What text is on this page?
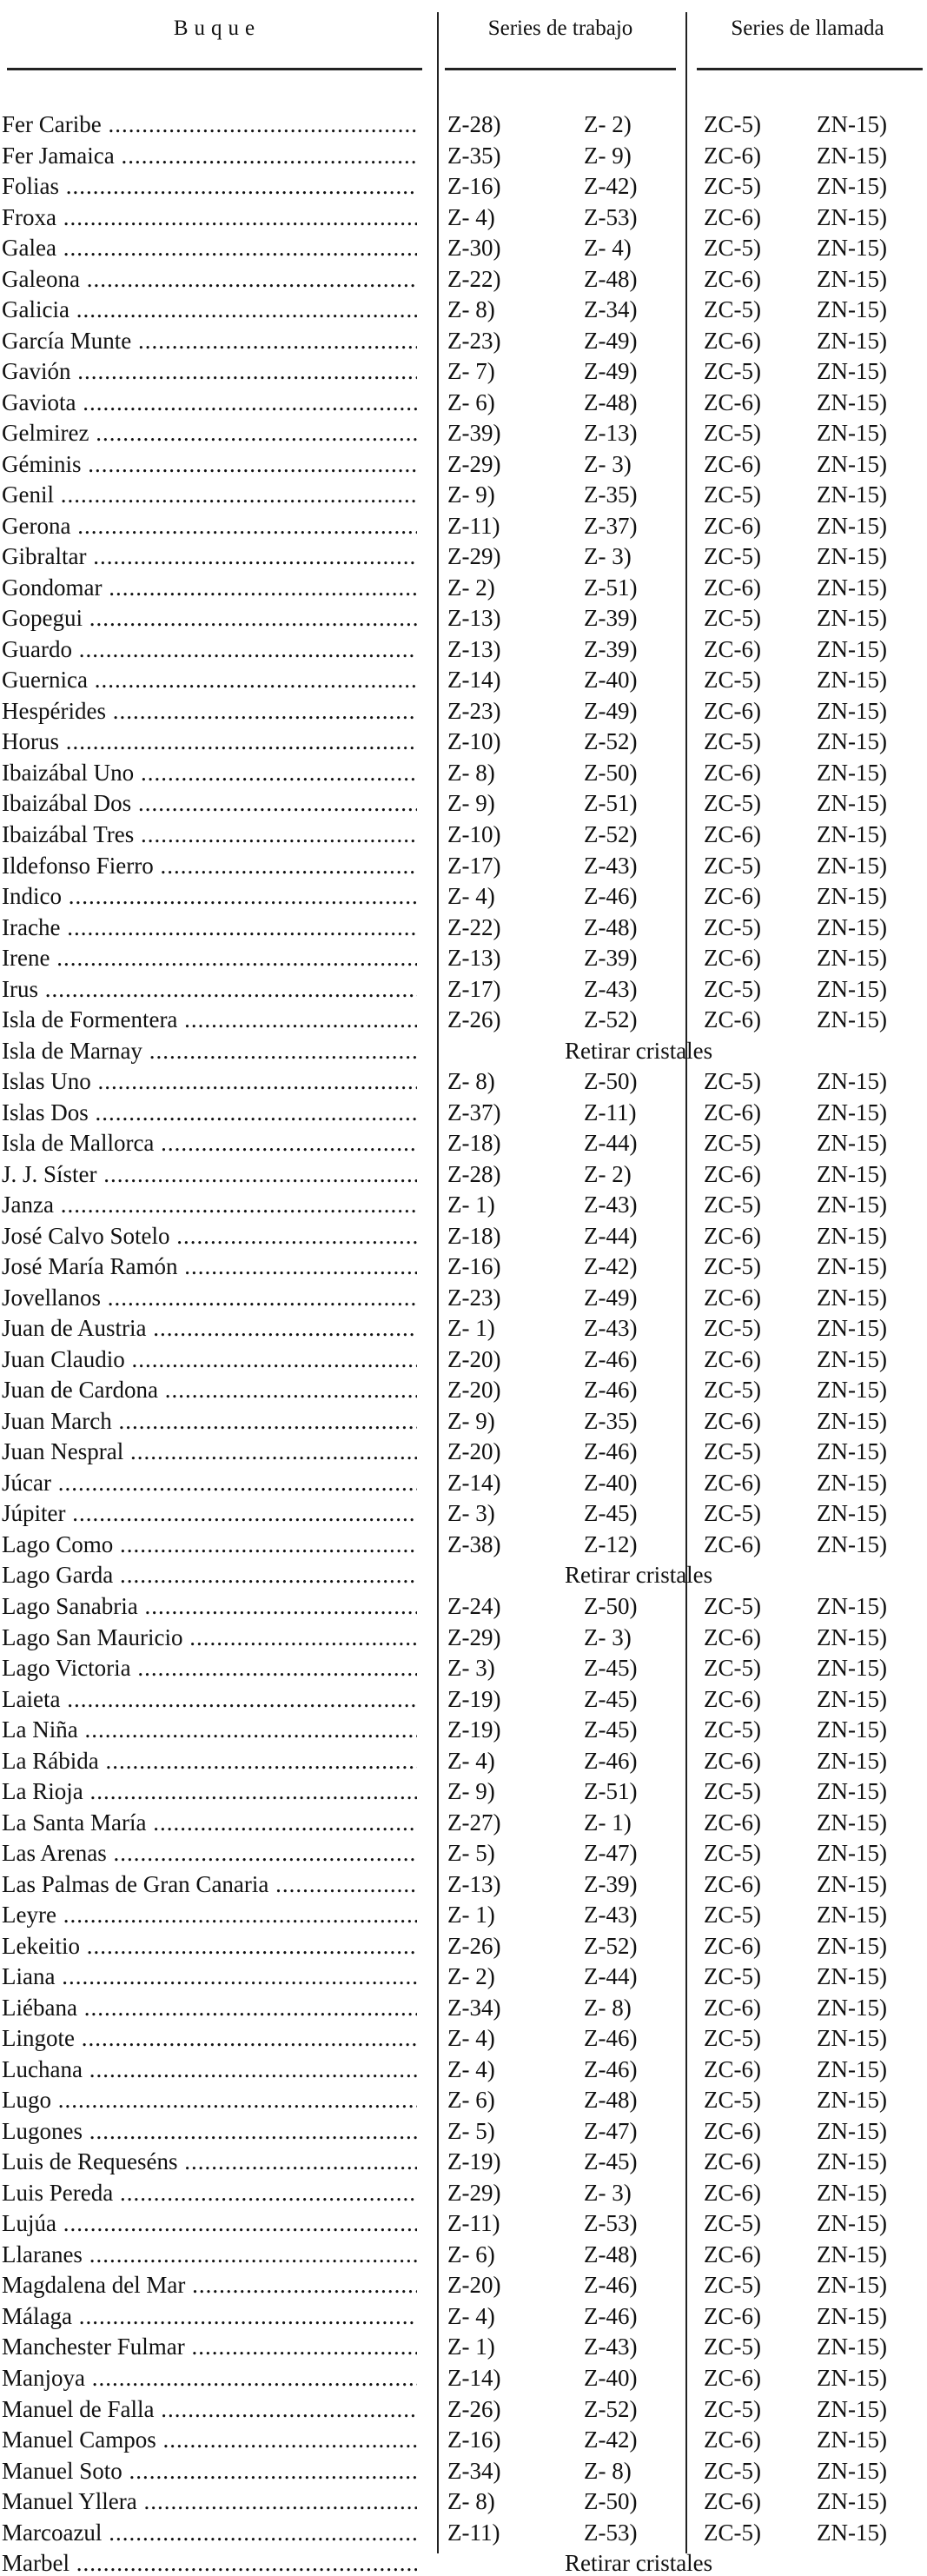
Buque	Series de trabajo	Series de llamada
Fer Caribe .....	Z-28)	Z- 2)	ZC-5)	ZN-15)
Fer Jamaica .....	Z-35)	Z- 9)	ZC-6)	ZN-15)
Folias .....	Z-16)	Z-42)	ZC-5)	ZN-15)
Froxa .....	Z- 4)	Z-53)	ZC-6)	ZN-15)
Galea .....	Z-30)	Z- 4)	ZC-5)	ZN-15)
Galeona .....	Z-22)	Z-48)	ZC-6)	ZN-15)
Galicia .....	Z- 8)	Z-34)	ZC-5)	ZN-15)
García Munte .....	Z-23)	Z-49)	ZC-6)	ZN-15)
Gavión .....	Z- 7)	Z-49)	ZC-5)	ZN-15)
Gaviota .....	Z- 6)	Z-48)	ZC-6)	ZN-15)
Gelmirez .....	Z-39)	Z-13)	ZC-5)	ZN-15)
Géminis .....	Z-29)	Z- 3)	ZC-6)	ZN-15)
Genil .....	Z- 9)	Z-35)	ZC-5)	ZN-15)
Gerona .....	Z-11)	Z-37)	ZC-6)	ZN-15)
Gibraltar .....	Z-29)	Z- 3)	ZC-5)	ZN-15)
Gondomar .....	Z- 2)	Z-51)	ZC-6)	ZN-15)
Gopegui .....	Z-13)	Z-39)	ZC-5)	ZN-15)
Guardo .....	Z-13)	Z-39)	ZC-6)	ZN-15)
Guernica .....	Z-14)	Z-40)	ZC-5)	ZN-15)
Hespérides .....	Z-23)	Z-49)	ZC-6)	ZN-15)
Horus .....	Z-10)	Z-52)	ZC-5)	ZN-15)
Ibaizábal Uno .....	Z- 8)	Z-50)	ZC-6)	ZN-15)
Ibaizábal Dos .....	Z- 9)	Z-51)	ZC-5)	ZN-15)
Ibaizábal Tres .....	Z-10)	Z-52)	ZC-6)	ZN-15)
Ildefonso Fierro .....	Z-17)	Z-43)	ZC-5)	ZN-15)
Indico .....	Z- 4)	Z-46)	ZC-6)	ZN-15)
Irache .....	Z-22)	Z-48)	ZC-5)	ZN-15)
Irene .....	Z-13)	Z-39)	ZC-6)	ZN-15)
Irus .....	Z-17)	Z-43)	ZC-5)	ZN-15)
Isla de Formentera .....	Z-26)	Z-52)	ZC-6)	ZN-15)
Isla de Marnay .....	Retirar cristales
Islas Uno .....	Z- 8)	Z-50)	ZC-5)	ZN-15)
Islas Dos .....	Z-37)	Z-11)	ZC-6)	ZN-15)
Isla de Mallorca .....	Z-18)	Z-44)	ZC-5)	ZN-15)
J. J. Síster .....	Z-28)	Z- 2)	ZC-6)	ZN-15)
Janza .....	Z- 1)	Z-43)	ZC-5)	ZN-15)
José Calvo Sotelo .....	Z-18)	Z-44)	ZC-6)	ZN-15)
José María Ramón .....	Z-16)	Z-42)	ZC-5)	ZN-15)
Jovellanos .....	Z-23)	Z-49)	ZC-6)	ZN-15)
Juan de Austria .....	Z- 1)	Z-43)	ZC-5)	ZN-15)
Juan Claudio .....	Z-20)	Z-46)	ZC-6)	ZN-15)
Juan de Cardona .....	Z-20)	Z-46)	ZC-5)	ZN-15)
Juan March .....	Z- 9)	Z-35)	ZC-6)	ZN-15)
Juan Nespral .....	Z-20)	Z-46)	ZC-5)	ZN-15)
Júcar .....	Z-14)	Z-40)	ZC-6)	ZN-15)
Júpiter .....	Z- 3)	Z-45)	ZC-5)	ZN-15)
Lago Como .....	Z-38)	Z-12)	ZC-6)	ZN-15)
Lago Garda .....	Retirar cristales
Lago Sanabria .....	Z-24)	Z-50)	ZC-5)	ZN-15)
Lago San Mauricio .....	Z-29)	Z- 3)	ZC-6)	ZN-15)
Lago Victoria .....	Z- 3)	Z-45)	ZC-5)	ZN-15)
Laieta .....	Z-19)	Z-45)	ZC-6)	ZN-15)
La Niña .....	Z-19)	Z-45)	ZC-5)	ZN-15)
La Rábida .....	Z- 4)	Z-46)	ZC-6)	ZN-15)
La Rioja .....	Z- 9)	Z-51)	ZC-5)	ZN-15)
La Santa María .....	Z-27)	Z- 1)	ZC-6)	ZN-15)
Las Arenas .....	Z- 5)	Z-47)	ZC-5)	ZN-15)
Las Palmas de Gran Canaria .....	Z-13)	Z-39)	ZC-6)	ZN-15)
Leyre .....	Z- 1)	Z-43)	ZC-5)	ZN-15)
Lekeitio .....	Z-26)	Z-52)	ZC-6)	ZN-15)
Liana .....	Z- 2)	Z-44)	ZC-5)	ZN-15)
Liébana .....	Z-34)	Z- 8)	ZC-6)	ZN-15)
Lingote .....	Z- 4)	Z-46)	ZC-5)	ZN-15)
Luchana .....	Z- 4)	Z-46)	ZC-6)	ZN-15)
Lugo .....	Z- 6)	Z-48)	ZC-5)	ZN-15)
Lugones .....	Z- 5)	Z-47)	ZC-6)	ZN-15)
Luis de Requeséns .....	Z-19)	Z-45)	ZC-6)	ZN-15)
Luis Pereda .....	Z-29)	Z- 3)	ZC-6)	ZN-15)
Lujúa .....	Z-11)	Z-53)	ZC-5)	ZN-15)
Llaranes .....	Z- 6)	Z-48)	ZC-6)	ZN-15)
Magdalena del Mar .....	Z-20)	Z-46)	ZC-5)	ZN-15)
Málaga .....	Z- 4)	Z-46)	ZC-6)	ZN-15)
Manchester Fulmar .....	Z- 1)	Z-43)	ZC-5)	ZN-15)
Manjoya .....	Z-14)	Z-40)	ZC-6)	ZN-15)
Manuel de Falla .....	Z-26)	Z-52)	ZC-5)	ZN-15)
Manuel Campos .....	Z-16)	Z-42)	ZC-6)	ZN-15)
Manuel Soto .....	Z-34)	Z- 8)	ZC-5)	ZN-15)
Manuel Yllera .....	Z- 8)	Z-50)	ZC-6)	ZN-15)
Marcoazul .....	Z-11)	Z-53)	ZC-5)	ZN-15)
Marbel .....	Retirar cristales
